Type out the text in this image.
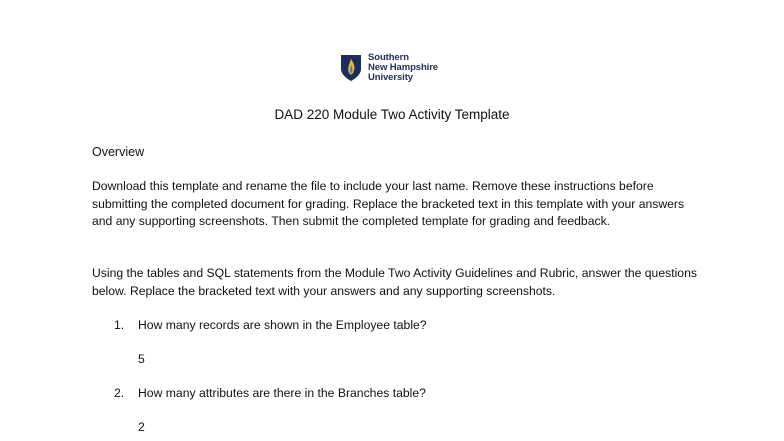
Southern
New Hampshire
University
DAD 220 Module Two Activity Template
Overview
Download this template and rename the file to include your last name. Remove these instructions before submitting the completed document for grading. Replace the bracketed text in this template with your answers and any supporting screenshots. Then submit the completed template for grading and feedback.
Using the tables and SQL statements from the Module Two Activity Guidelines and Rubric, answer the questions below. Replace the bracketed text with your answers and any supporting screenshots.
1.	How many records are shown in the Employee table?
5
2.	How many attributes are there in the Branches table?
2
